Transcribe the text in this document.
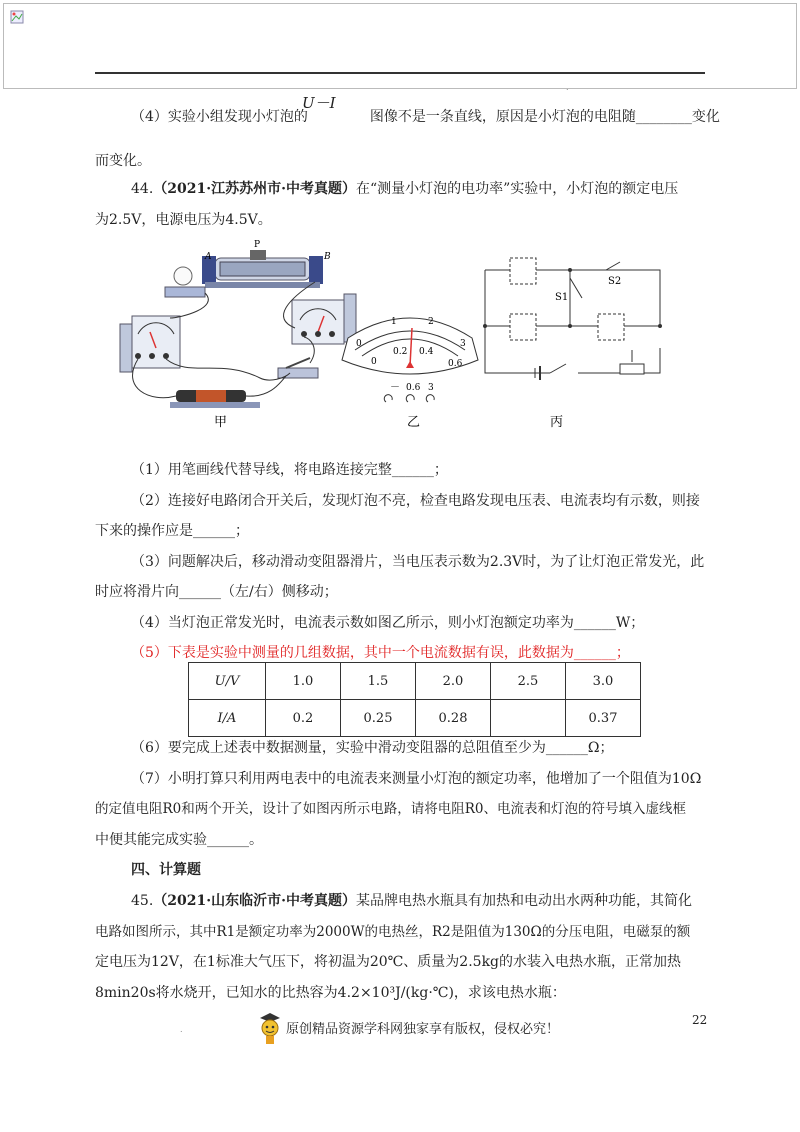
.
（4）实验小组发现小灯泡的	图像不是一条直线，原因是小灯泡的电阻随________变化
U－I
而变化。
44.（2021·江苏苏州市·中考真题）在“测量小灯泡的电功率”实验中，小灯泡的额定电压
为2.5V，电源电压为4.5V。
A	B
P
甲
0
1	2
3
0
0.2 0.4
0.6
－ 0.6 3
乙
S1
S2
丙
（1）用笔画线代替导线，将电路连接完整______；
（2）连接好电路闭合开关后，发现灯泡不亮，检查电路发现电压表、电流表均有示数，则接
下来的操作应是______；
（3）问题解决后，移动滑动变阻器滑片，当电压表示数为2.3V时，为了让灯泡正常发光，此
时应将滑片向______（左/右）侧移动；
（4）当灯泡正常发光时，电流表示数如图乙所示，则小灯泡额定功率为______W；
（5）下表是实验中测量的几组数据，其中一个电流数据有误，此数据为______；
U/V	1.0	1.5	2.0	2.5	3.0
I/A	0.2	0.25	0.28		0.37
（6）要完成上述表中数据测量，实验中滑动变阻器的总阻值至少为______Ω；
（7）小明打算只利用两电表中的电流表来测量小灯泡的额定功率，他增加了一个阻值为10Ω
的定值电阻R0和两个开关，设计了如图丙所示电路，请将电阻R0、电流表和灯泡的符号填入虚线框
中便其能完成实验______。
四、计算题
45.（2021·山东临沂市·中考真题）某品牌电热水瓶具有加热和电动出水两种功能，其简化
电路如图所示，其中R1是额定功率为2000W的电热丝，R2是阻值为130Ω的分压电阻，电磁泵的额
定电压为12V，在1标准大气压下，将初温为20℃、质量为2.5kg的水装入电热水瓶，正常加热
8min20s将水烧开，已知水的比热容为4.2×10³J/(kg·℃)，求该电热水瓶：
22
.	原创精品资源学科网独家享有版权，侵权必究！
